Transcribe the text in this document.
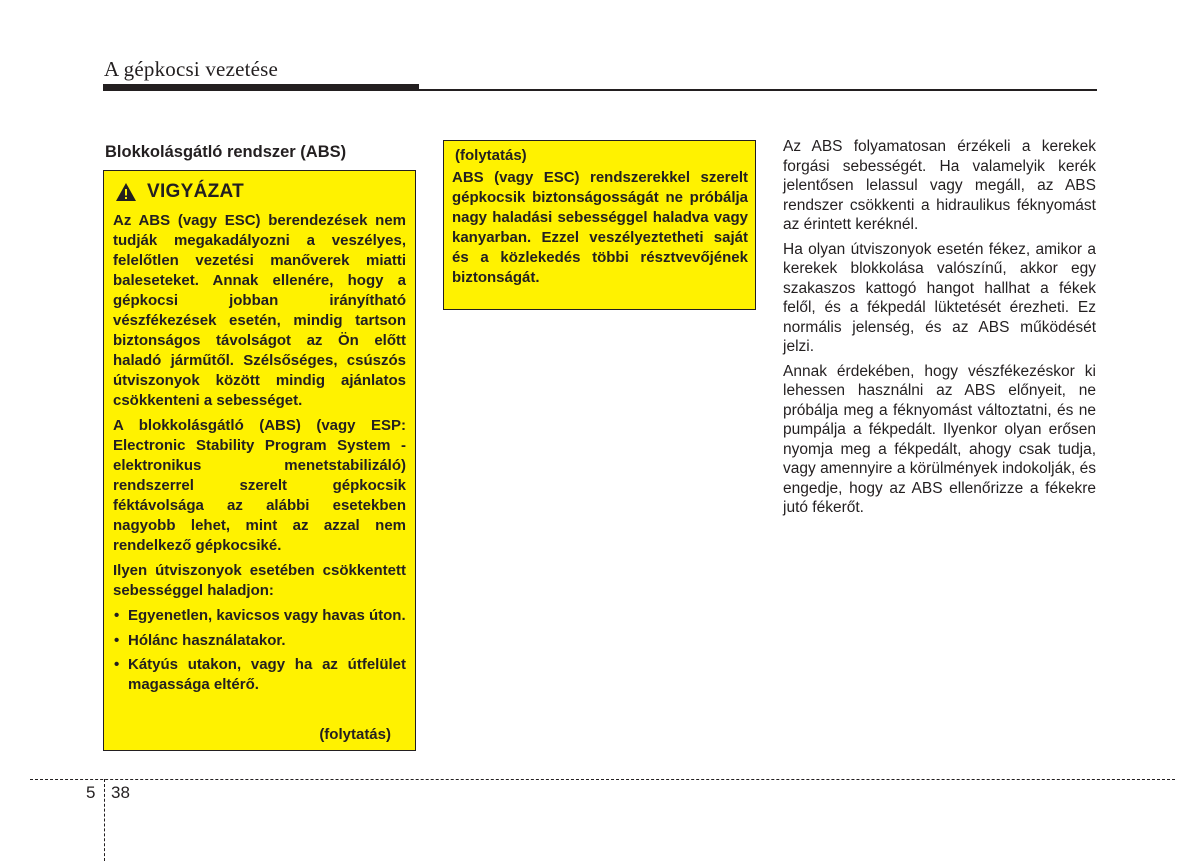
A gépkocsi vezetése
Blokkolásgátló rendszer (ABS)
VIGYÁZAT

Az ABS (vagy ESC) berendezések nem tudják megakadályozni a veszélyes, felelőtlen vezetési manőverek miatti baleseteket. Annak ellenére, hogy a gépkocsi jobban irányítható vészfékezések esetén, mindig tartson biztonságos távolságot az Ön előtt haladó járműtől. Szélsőséges, csúszós útviszonyok között mindig ajánlatos csökkenteni a sebességet.

A blokkolásgátló (ABS) (vagy ESP: Electronic Stability Program System - elektronikus menetstabilizáló) rendszerrel szerelt gépkocsik féktávolsága az alábbi esetekben nagyobb lehet, mint az azzal nem rendelkező gépkocsiké.

Ilyen útviszonyok esetében csökkentett sebességgel haladjon:

• Egyenetlen, kavicsos vagy havas úton.
• Hólánc használatakor.
• Kátyús utakon, vagy ha az útfelület magassága eltérő.
(folytatás)
(folytatás)

ABS (vagy ESC) rendszerekkel szerelt gépkocsik biztonságosságát ne próbálja nagy haladási sebességgel haladva vagy kanyarban. Ezzel veszélyeztetheti saját és a közlekedés többi résztvevőjének biztonságát.

Az ABS folyamatosan érzékeli a kerekek forgási sebességét. Ha valamelyik kerék jelentősen lelassul vagy megáll, az ABS rendszer csökkenti a hidraulikus féknyomást az érintett keréknél.

Ha olyan útviszonyok esetén fékez, amikor a kerekek blokkolása valószínű, akkor egy szakaszos kattogó hangot hallhat a fékek felől, és a fékpedál lüktetését érezheti. Ez normális jelenség, és az ABS működését jelzi.

Annak érdekében, hogy vészfékezéskor ki lehessen használni az ABS előnyeit, ne próbálja meg a féknyomást változtatni, és ne pumpálja a fékpedált. Ilyenkor olyan erősen nyomja meg a fékpedált, ahogy csak tudja, vagy amennyire a körülmények indokolják, és engedje, hogy az ABS ellenőrizze a fékekre jutó fékerőt.

5 38
